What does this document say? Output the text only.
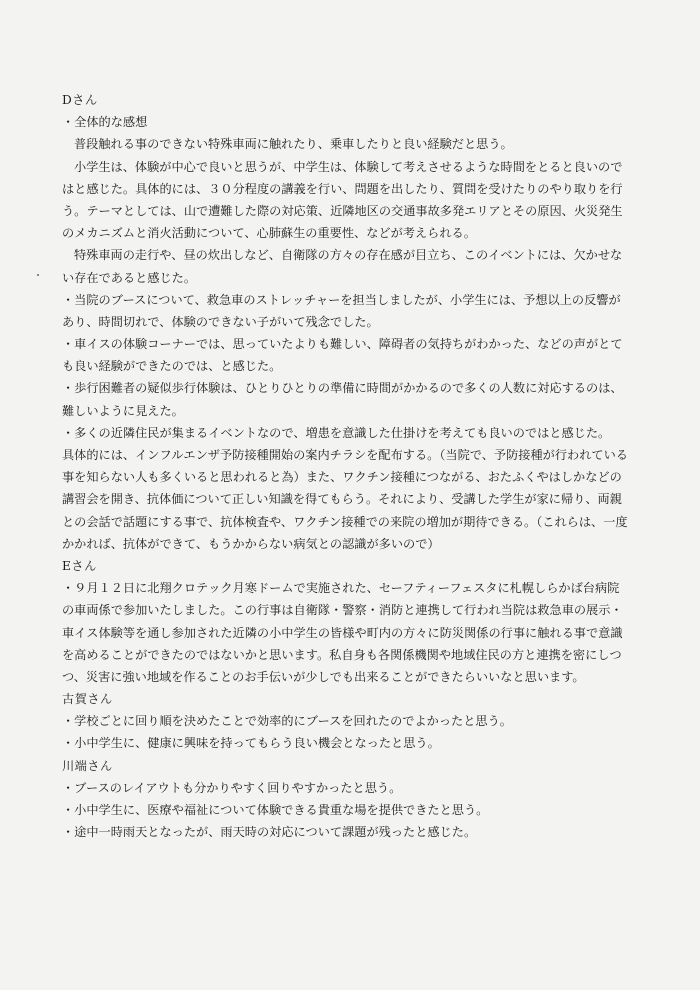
Dさん
・全体的な感想
普段触れる事のできない特殊車両に触れたり、乗車したりと良い経験だと思う。
小学生は、体験が中心で良いと思うが、中学生は、体験して考えさせるような時間をとると良いので
はと感じた。具体的には、３０分程度の講義を行い、問題を出したり、質問を受けたりのやり取りを行
う。テーマとしては、山で遭難した際の対応策、近隣地区の交通事故多発エリアとその原因、火災発生
のメカニズムと消火活動について、心肺蘇生の重要性、などが考えられる。
特殊車両の走行や、昼の炊出しなど、自衛隊の方々の存在感が目立ち、このイベントには、欠かせな
い存在であると感じた。
・当院のブースについて、救急車のストレッチャーを担当しましたが、小学生には、予想以上の反響が
あり、時間切れで、体験のできない子がいて残念でした。
・車イスの体験コーナーでは、思っていたよりも難しい、障碍者の気持ちがわかった、などの声がとて
も良い経験ができたのでは、と感じた。
・歩行困難者の疑似歩行体験は、ひとりひとりの準備に時間がかかるので多くの人数に対応するのは、
難しいように見えた。
・多くの近隣住民が集まるイベントなので、増患を意識した仕掛けを考えても良いのではと感じた。
具体的には、インフルエンザ予防接種開始の案内チラシを配布する。（当院で、予防接種が行われている
事を知らない人も多くいると思われると為）また、ワクチン接種につながる、おたふくやはしかなどの
講習会を開き、抗体価について正しい知識を得てもらう。それにより、受講した学生が家に帰り、両親
との会話で話題にする事で、抗体検査や、ワクチン接種での来院の増加が期待できる。（これらは、一度
かかれば、抗体ができて、もうかからない病気との認識が多いので）
Eさん
・９月１２日に北翔クロテック月寒ドームで実施された、セーフティーフェスタに札幌しらかば台病院
の車両係で参加いたしました。この行事は自衛隊・警察・消防と連携して行われ当院は救急車の展示・
車イス体験等を通し参加された近隣の小中学生の皆様や町内の方々に防災関係の行事に触れる事で意識
を高めることができたのではないかと思います。私自身も各関係機関や地域住民の方と連携を密にしつ
つ、災害に強い地域を作ることのお手伝いが少しでも出来ることができたらいいなと思います。
古賀さん
・学校ごとに回り順を決めたことで効率的にブースを回れたのでよかったと思う。
・小中学生に、健康に興味を持ってもらう良い機会となったと思う。
川端さん
・ブースのレイアウトも分かりやすく回りやすかったと思う。
・小中学生に、医療や福祉について体験できる貴重な場を提供できたと思う。
・途中一時雨天となったが、雨天時の対応について課題が残ったと感じた。
